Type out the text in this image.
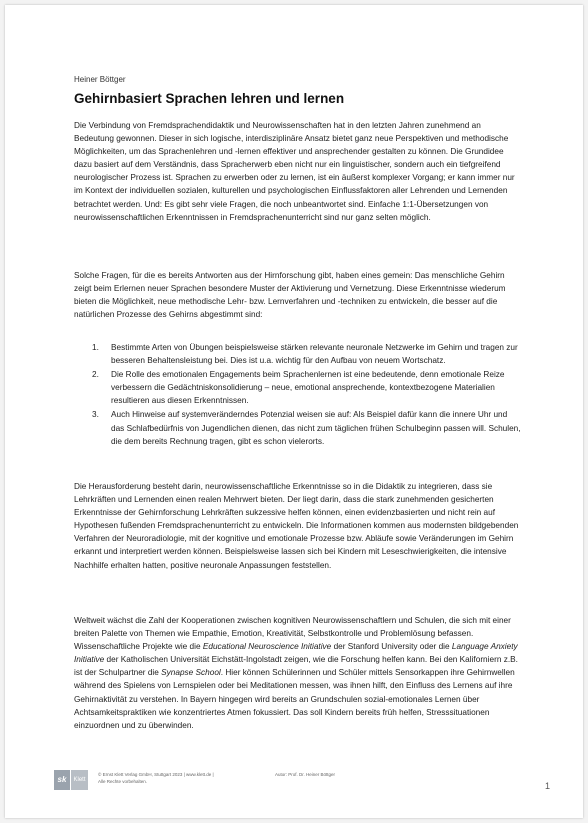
Heiner Böttger
Gehirnbasiert Sprachen lehren und lernen

Die Verbindung von Fremdsprachendidaktik und Neurowissenschaften hat in den letzten Jahren zunehmend an Bedeutung gewonnen. Dieser in sich logische, interdisziplinäre Ansatz bietet ganz neue Perspektiven und methodische Möglichkeiten, um das Sprachenlehren und -lernen effektiver und ansprechender gestalten zu können. Die Grundidee dazu basiert auf dem Verständnis, dass Spracherwerb eben nicht nur ein linguistischer, sondern auch ein tiefgreifend neurologischer Prozess ist. Sprachen zu erwerben oder zu lernen, ist ein äußerst komplexer Vorgang; er kann immer nur im Kontext der individuellen sozialen, kulturellen und psychologischen Einflussfaktoren aller Lehrenden und Lernenden betrachtet werden. Und: Es gibt sehr viele Fragen, die noch unbeantwortet sind. Einfache 1:1-Übersetzungen von neurowissenschaftlichen Erkenntnissen in Fremdsprachenunterricht sind nur ganz selten möglich.

Solche Fragen, für die es bereits Antworten aus der Hirnforschung gibt, haben eines gemein: Das menschliche Gehirn zeigt beim Erlernen neuer Sprachen besondere Muster der Aktivierung und Vernetzung. Diese Erkenntnisse wiederum bieten die Möglichkeit, neue methodische Lehr- bzw. Lernverfahren und -techniken zu entwickeln, die besser auf die natürlichen Prozesse des Gehirns abgestimmt sind:

1. Bestimmte Arten von Übungen beispielsweise stärken relevante neuronale Netzwerke im Gehirn und tragen zur besseren Behaltensleistung bei. Dies ist u.a. wichtig für den Aufbau von neuem Wortschatz.
2. Die Rolle des emotionalen Engagements beim Sprachenlernen ist eine bedeutende, denn emotionale Reize verbessern die Gedächtniskonsolidierung – neue, emotional ansprechende, kontextbezogene Materialien resultieren aus diesen Erkenntnissen.
3. Auch Hinweise auf systemveränderndes Potenzial weisen sie auf: Als Beispiel dafür kann die innere Uhr und das Schlafbedürfnis von Jugendlichen dienen, das nicht zum täglichen frühen Schulbeginn passen will. Schulen, die dem bereits Rechnung tragen, gibt es schon vielerorts.

Die Herausforderung besteht darin, neurowissenschaftliche Erkenntnisse so in die Didaktik zu integrieren, dass sie Lehrkräften und Lernenden einen realen Mehrwert bieten. Der liegt darin, dass die stark zunehmenden gesicherten Erkenntnisse der Gehirnforschung Lehrkräften sukzessive helfen können, einen evidenzbasierten und nicht rein auf Hypothesen fußenden Fremdsprachenunterricht zu entwickeln. Die Informationen kommen aus modernsten bildgebenden Verfahren der Neuroradiologie, mit der kognitive und emotionale Prozesse bzw. Abläufe sowie Veränderungen im Gehirn erkannt und interpretiert werden können. Beispielsweise lassen sich bei Kindern mit Leseschwierigkeiten, die intensive Nachhilfe erhalten hatten, positive neuronale Anpassungen feststellen.

Weltweit wächst die Zahl der Kooperationen zwischen kognitiven Neurowissenschaftlern und Schulen, die sich mit einer breiten Palette von Themen wie Empathie, Emotion, Kreativität, Selbstkontrolle und Problemlösung befassen. Wissenschaftliche Projekte wie die Educational Neuroscience Initiative der Stanford University oder die Language Anxiety Initiative der Katholischen Universität Eichstätt-Ingolstadt zeigen, wie die Forschung helfen kann. Bei den Kaliforniern z.B. ist der Schulpartner die Synapse School. Hier können Schülerinnen und Schüler mittels Sensorkappen ihre Gehirnwellen während des Spielens von Lernspielen oder bei Meditationen messen, was ihnen hilft, den Einfluss des Lernens auf ihre Gehirnaktivität zu verstehen. In Bayern hingegen wird bereits an Grundschulen sozial-emotionales Lernen über Achtsamkeitspraktiken wie konzentriertes Atmen fokussiert. Das soll Kindern bereits früh helfen, Stresssituationen einzuordnen und zu überwinden.

sk	Klett
© Ernst Klett Verlag GmbH, Stuttgart 2023 | www.klett.de |
Alle Rechte vorbehalten.
Autor: Prof. Dr. Heiner Böttger
1
